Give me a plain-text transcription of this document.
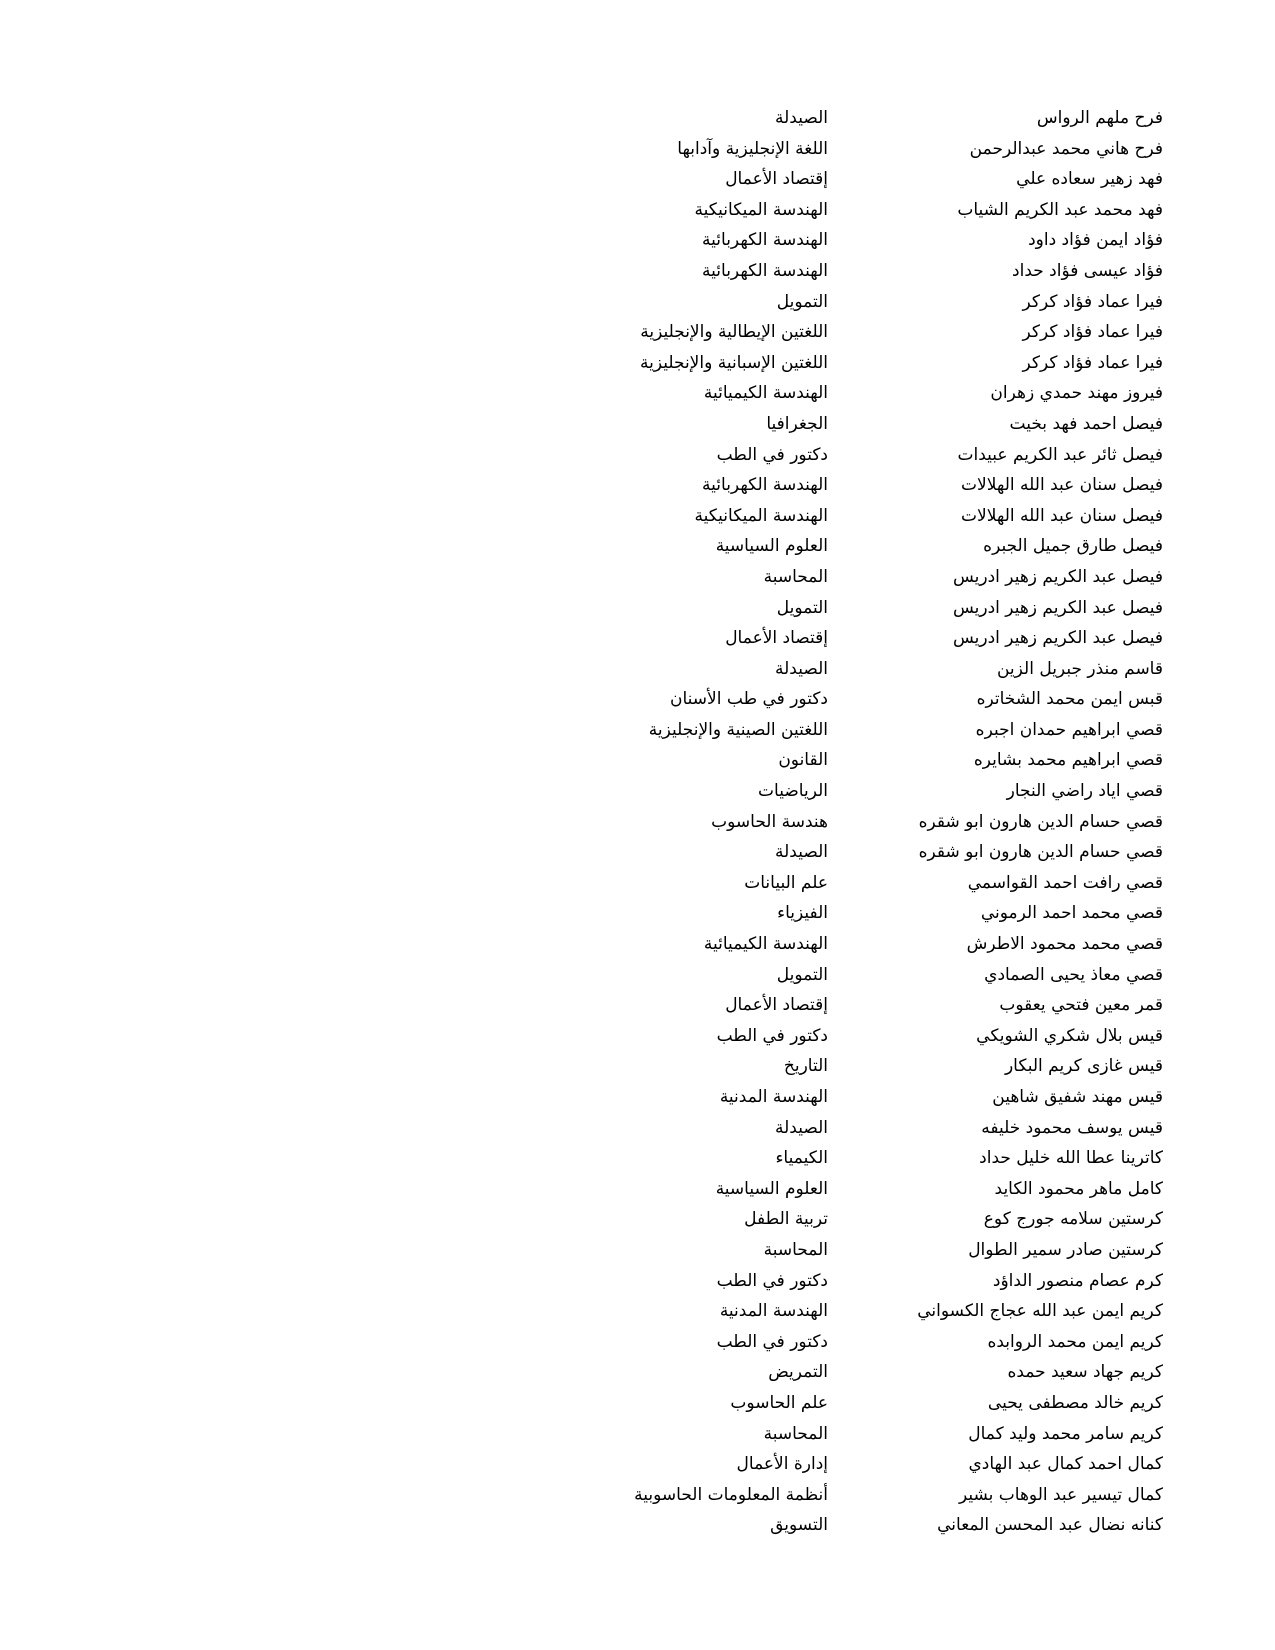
فرح ملهم الرواس
الصيدلة
فرح هاني محمد عبدالرحمن
اللغة الإنجليزية وآدابها
فهد زهير سعاده علي
إقتصاد الأعمال
فهد محمد عبد الكريم الشياب
الهندسة الميكانيكية
فؤاد ايمن فؤاد داود
الهندسة الكهربائية
فؤاد عيسى فؤاد حداد
الهندسة الكهربائية
فيرا عماد فؤاد كركر
التمويل
فيرا عماد فؤاد كركر
اللغتين الإيطالية والإنجليزية
فيرا عماد فؤاد كركر
اللغتين الإسبانية والإنجليزية
فيروز مهند حمدي زهران
الهندسة الكيميائية
فيصل احمد فهد بخيت
الجغرافيا
فيصل ثائر عبد الكريم عبيدات
دكتور في الطب
فيصل سنان عبد الله الهلالات
الهندسة الكهربائية
فيصل سنان عبد الله الهلالات
الهندسة الميكانيكية
فيصل طارق جميل الجبره
العلوم السياسية
فيصل عبد الكريم زهير ادريس
المحاسبة
فيصل عبد الكريم زهير ادريس
التمويل
فيصل عبد الكريم زهير ادريس
إقتصاد الأعمال
قاسم منذر جبريل الزين
الصيدلة
قبس ايمن محمد الشخاتره
دكتور في طب الأسنان
قصي ابراهيم حمدان اجبره
اللغتين الصينية والإنجليزية
قصي ابراهيم محمد بشايره
القانون
قصي اياد راضي النجار
الرياضيات
قصي حسام الدين هارون ابو شقره
هندسة الحاسوب
قصي حسام الدين هارون ابو شقره
الصيدلة
قصي رافت احمد القواسمي
علم البيانات
قصي محمد احمد الرموني
الفيزياء
قصي محمد محمود الاطرش
الهندسة الكيميائية
قصي معاذ يحيى الصمادي
التمويل
قمر معين فتحي يعقوب
إقتصاد الأعمال
قيس بلال شكري الشويكي
دكتور في الطب
قيس غازى كريم البكار
التاريخ
قيس مهند شفيق شاهين
الهندسة المدنية
قيس يوسف محمود خليفه
الصيدلة
كاترينا عطا الله خليل حداد
الكيمياء
كامل ماهر محمود الكايد
العلوم السياسية
كرستين سلامه جورج كوع
تربية الطفل
كرستين صادر سمير الطوال
المحاسبة
كرم عصام منصور الداؤد
دكتور في الطب
كريم ايمن عبد الله عجاج الكسواني
الهندسة المدنية
كريم ايمن محمد الروابده
دكتور في الطب
كريم جهاد سعيد حمده
التمريض
كريم خالد مصطفى يحيى
علم الحاسوب
كريم سامر محمد وليد كمال
المحاسبة
كمال احمد كمال عبد الهادي
إدارة الأعمال
كمال تيسير عبد الوهاب بشير
أنظمة المعلومات الحاسوبية
كنانه نضال عبد المحسن المعاني
التسويق
